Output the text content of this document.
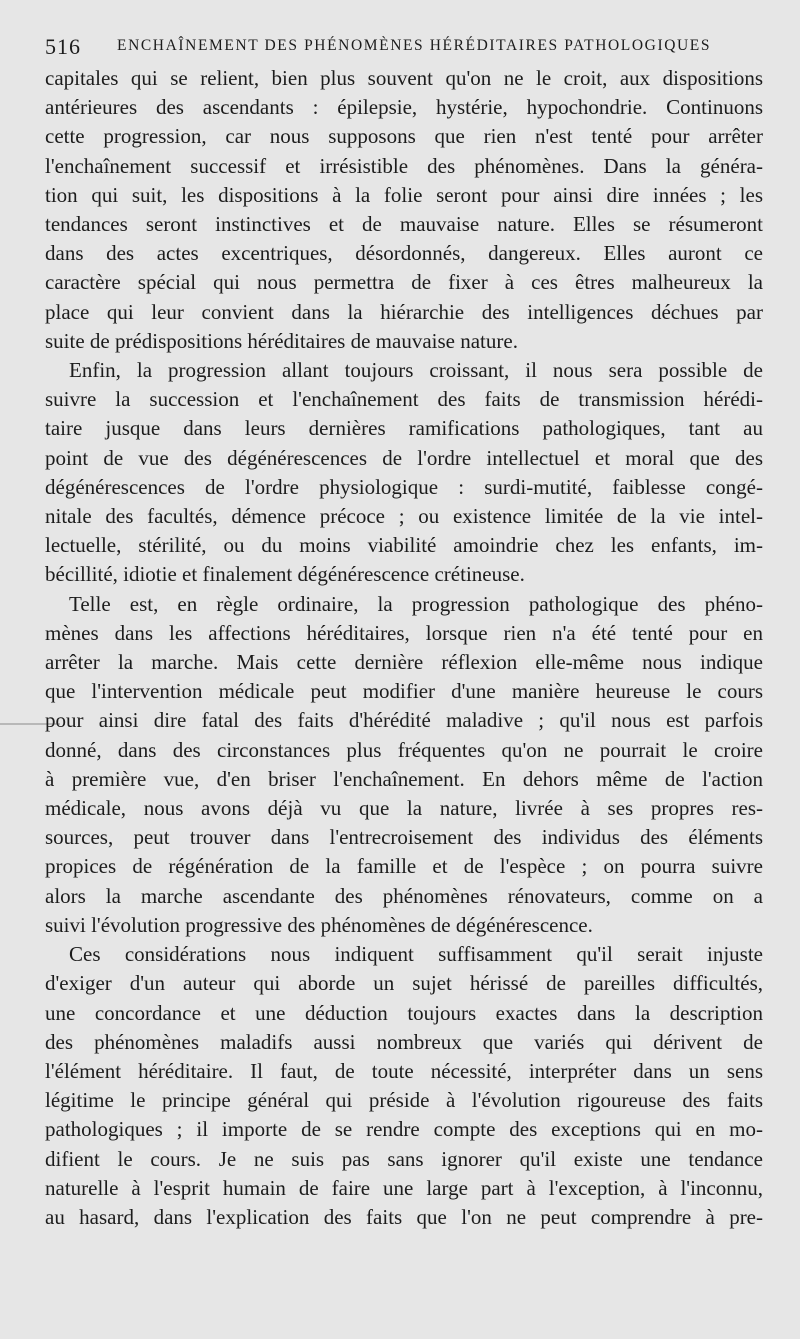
516 ENCHAÎNEMENT DES PHÉNOMÈNES HÉRÉDITAIRES PATHOLOGIQUES
capitales qui se relient, bien plus souvent qu'on ne le croit, aux dispositions
antérieures des ascendants : épilepsie, hystérie, hypochondrie. Continuons
cette progression, car nous supposons que rien n'est tenté pour arrêter
l'enchaînement successif et irrésistible des phénomènes. Dans la généra-
tion qui suit, les dispositions à la folie seront pour ainsi dire innées ; les
tendances seront instinctives et de mauvaise nature. Elles se résumeront
dans des actes excentriques, désordonnés, dangereux. Elles auront ce
caractère spécial qui nous permettra de fixer à ces êtres malheureux la
place qui leur convient dans la hiérarchie des intelligences déchues par
suite de prédispositions héréditaires de mauvaise nature.
Enfin, la progression allant toujours croissant, il nous sera possible de
suivre la succession et l'enchaînement des faits de transmission hérédi-
taire jusque dans leurs dernières ramifications pathologiques, tant au
point de vue des dégénérescences de l'ordre intellectuel et moral que des
dégénérescences de l'ordre physiologique : surdi-mutité, faiblesse congé-
nitale des facultés, démence précoce ; ou existence limitée de la vie intel-
lectuelle, stérilité, ou du moins viabilité amoindrie chez les enfants, im-
bécillité, idiotie et finalement dégénérescence crétineuse.
Telle est, en règle ordinaire, la progression pathologique des phéno-
mènes dans les affections héréditaires, lorsque rien n'a été tenté pour en
arrêter la marche. Mais cette dernière réflexion elle-même nous indique
que l'intervention médicale peut modifier d'une manière heureuse le cours
pour ainsi dire fatal des faits d'hérédité maladive ; qu'il nous est parfois
donné, dans des circonstances plus fréquentes qu'on ne pourrait le croire
à première vue, d'en briser l'enchaînement. En dehors même de l'action
médicale, nous avons déjà vu que la nature, livrée à ses propres res-
sources, peut trouver dans l'entrecroisement des individus des éléments
propices de régénération de la famille et de l'espèce ; on pourra suivre
alors la marche ascendante des phénomènes rénovateurs, comme on a
suivi l'évolution progressive des phénomènes de dégénérescence.
Ces considérations nous indiquent suffisamment qu'il serait injuste
d'exiger d'un auteur qui aborde un sujet hérissé de pareilles difficultés,
une concordance et une déduction toujours exactes dans la description
des phénomènes maladifs aussi nombreux que variés qui dérivent de
l'élément héréditaire. Il faut, de toute nécessité, interpréter dans un sens
légitime le principe général qui préside à l'évolution rigoureuse des faits
pathologiques ; il importe de se rendre compte des exceptions qui en mo-
difient le cours. Je ne suis pas sans ignorer qu'il existe une tendance
naturelle à l'esprit humain de faire une large part à l'exception, à l'inconnu,
au hasard, dans l'explication des faits que l'on ne peut comprendre à pre-
